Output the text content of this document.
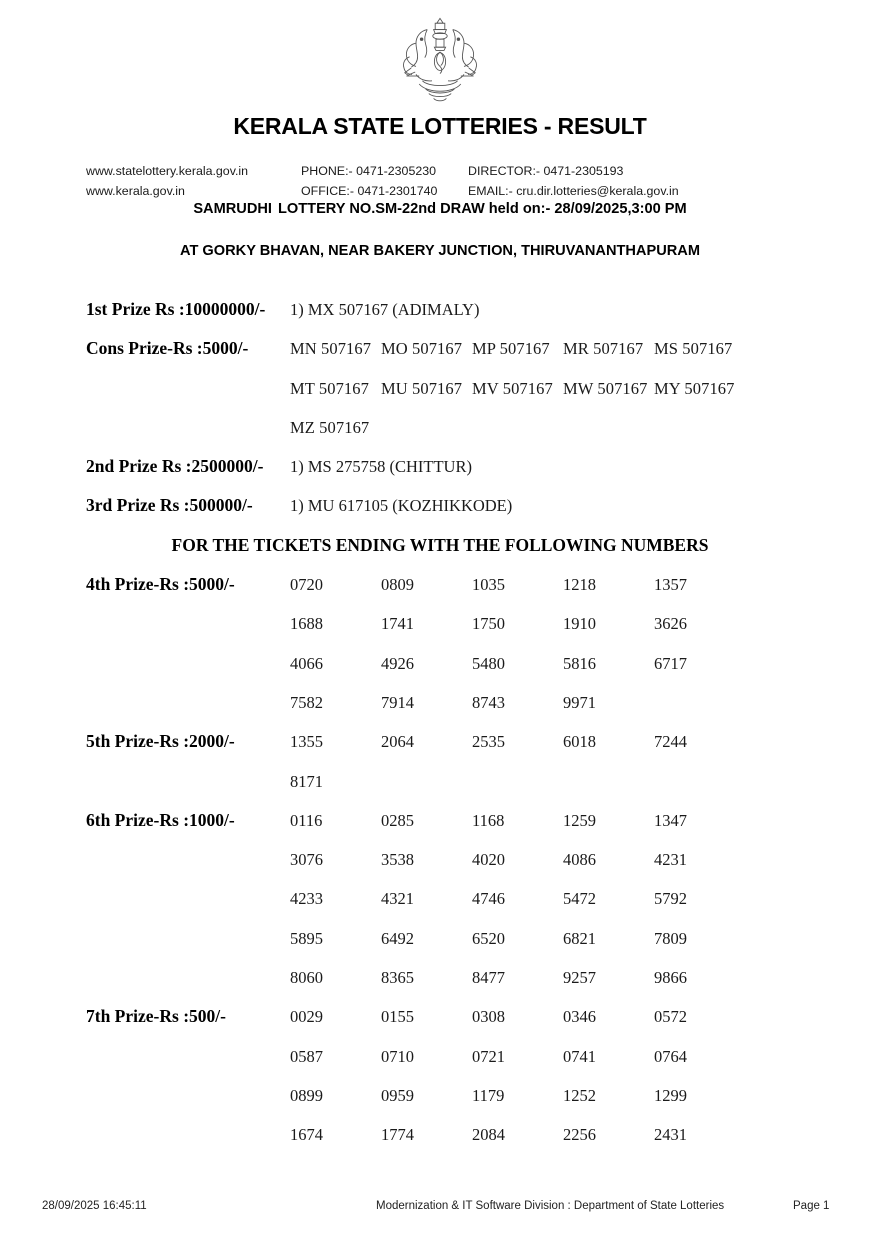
KERALA STATE LOTTERIES - RESULT
www.statelottery.kerala.gov.in	PHONE:- 0471-2305230	DIRECTOR:- 0471-2305193
www.kerala.gov.in	OFFICE:- 0471-2301740	EMAIL:- cru.dir.lotteries@kerala.gov.in
SAMRUDHI LOTTERY NO.SM-22nd DRAW held on:- 28/09/2025,3:00 PM
AT GORKY BHAVAN, NEAR BAKERY JUNCTION, THIRUVANANTHAPURAM
1st Prize Rs :10000000/-	1) MX 507167 (ADIMALY)
Cons Prize-Rs :5000/-	MN 507167 MO 507167 MP 507167 MR 507167 MS 507167
MT 507167 MU 507167 MV 507167 MW 507167 MY 507167
MZ 507167
2nd Prize Rs :2500000/-	1) MS 275758 (CHITTUR)
3rd Prize Rs :500000/-	1) MU 617105 (KOZHIKKODE)
FOR THE TICKETS ENDING WITH THE FOLLOWING NUMBERS
4th Prize-Rs :5000/-	0720	0809	1035	1218	1357
1688	1741	1750	1910	3626
4066	4926	5480	5816	6717
7582	7914	8743	9971
5th Prize-Rs :2000/-	1355	2064	2535	6018	7244
8171
6th Prize-Rs :1000/-	0116	0285	1168	1259	1347
3076	3538	4020	4086	4231
4233	4321	4746	5472	5792
5895	6492	6520	6821	7809
8060	8365	8477	9257	9866
7th Prize-Rs :500/-	0029	0155	0308	0346	0572
0587	0710	0721	0741	0764
0899	0959	1179	1252	1299
1674	1774	2084	2256	2431
28/09/2025 16:45:11	Modernization & IT Software Division : Department of State Lotteries	Page 1
